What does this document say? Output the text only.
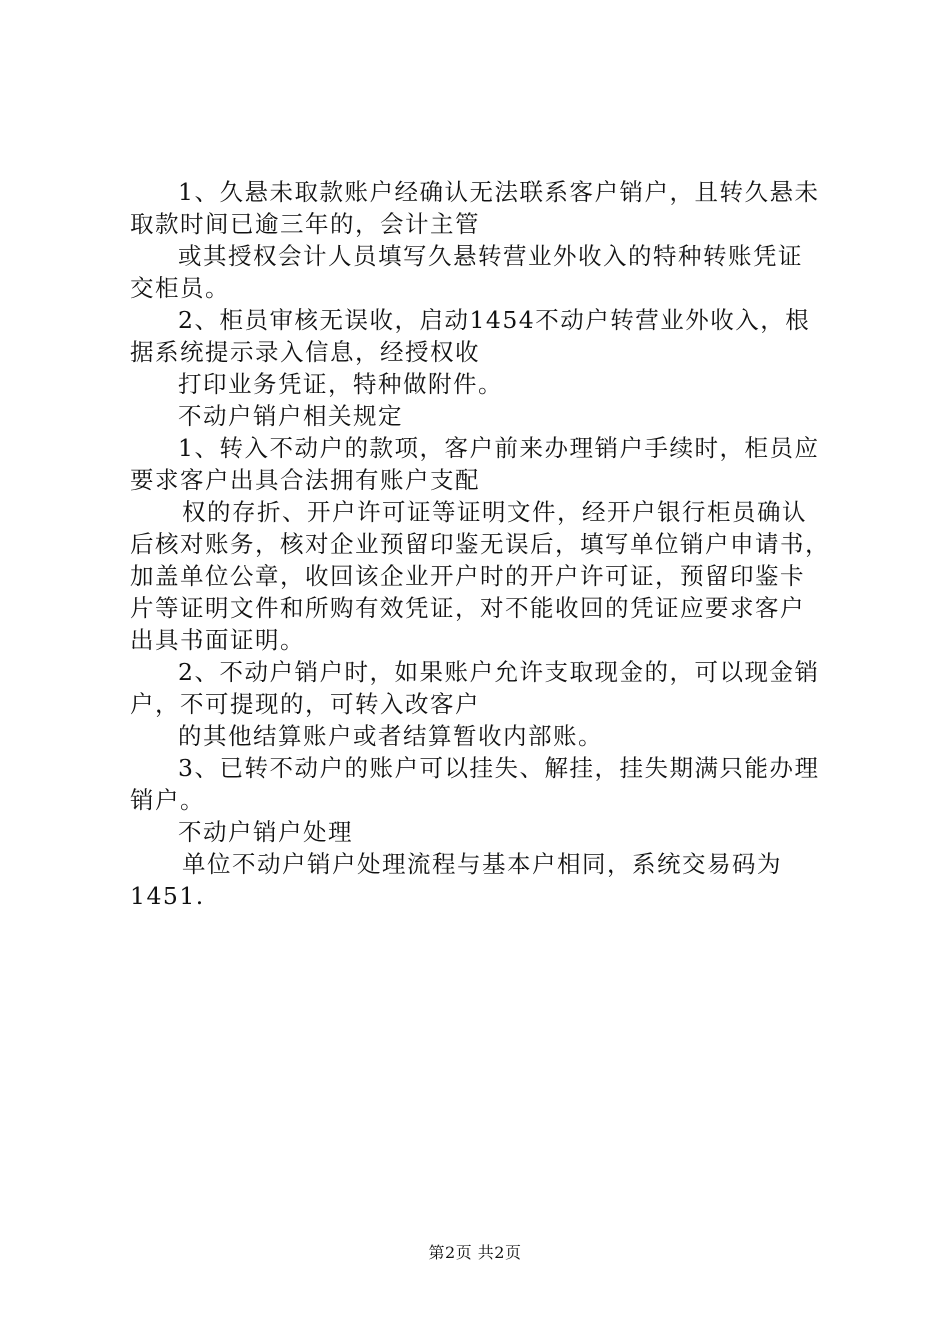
1、久悬未取款账户经确认无法联系客户销户，且转久悬未

取款时间已逾三年的，会计主管

或其授权会计人员填写久悬转营业外收入的特种转账凭证

交柜员。

2、柜员审核无误收，启动1454不动户转营业外收入，根

据系统提示录入信息，经授权收

打印业务凭证，特种做附件。

不动户销户相关规定

1、转入不动户的款项，客户前来办理销户手续时，柜员应

要求客户出具合法拥有账户支配

权的存折、开户许可证等证明文件，经开户银行柜员确认

后核对账务，核对企业预留印鉴无误后，填写单位销户申请书，

加盖单位公章，收回该企业开户时的开户许可证，预留印鉴卡

片等证明文件和所购有效凭证，对不能收回的凭证应要求客户

出具书面证明。

2、不动户销户时，如果账户允许支取现金的，可以现金销

户，不可提现的，可转入改客户

的其他结算账户或者结算暂收内部账。

3、已转不动户的账户可以挂失、解挂，挂失期满只能办理

销户。

不动户销户处理

单位不动户销户处理流程与基本户相同，系统交易码为

1451.

第2页 共2页
